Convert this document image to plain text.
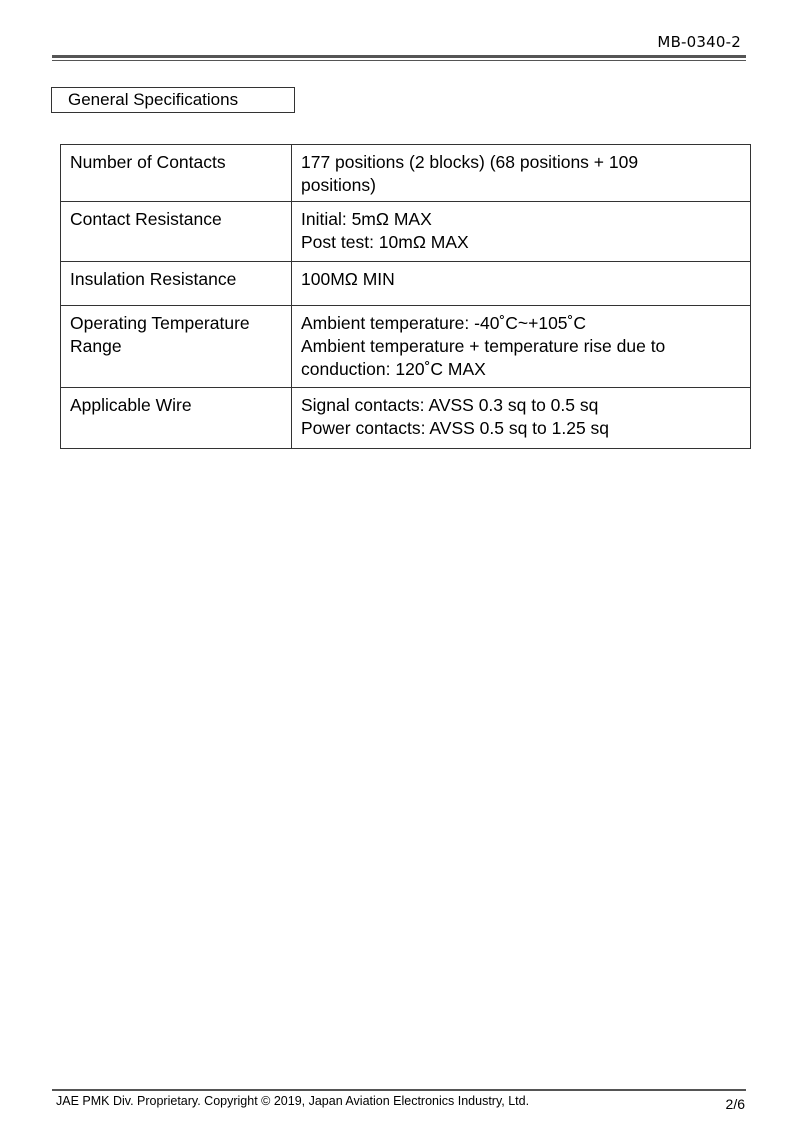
MB-0340-2
General Specifications
Number of Contacts	177 positions (2 blocks) (68 positions + 109
positions)

Contact Resistance	Initial: 5mΩ MAX
Post test: 10mΩ MAX

Insulation Resistance	100MΩ MIN

Operating Temperature
Range	Ambient temperature: -40˚C~+105˚C
Ambient temperature + temperature rise due to
conduction: 120˚C MAX

Applicable Wire	Signal contacts: AVSS 0.3 sq to 0.5 sq
Power contacts: AVSS 0.5 sq to 1.25 sq
JAE PMK Div. Proprietary. Copyright © 2019, Japan Aviation Electronics Industry, Ltd.	2/6
